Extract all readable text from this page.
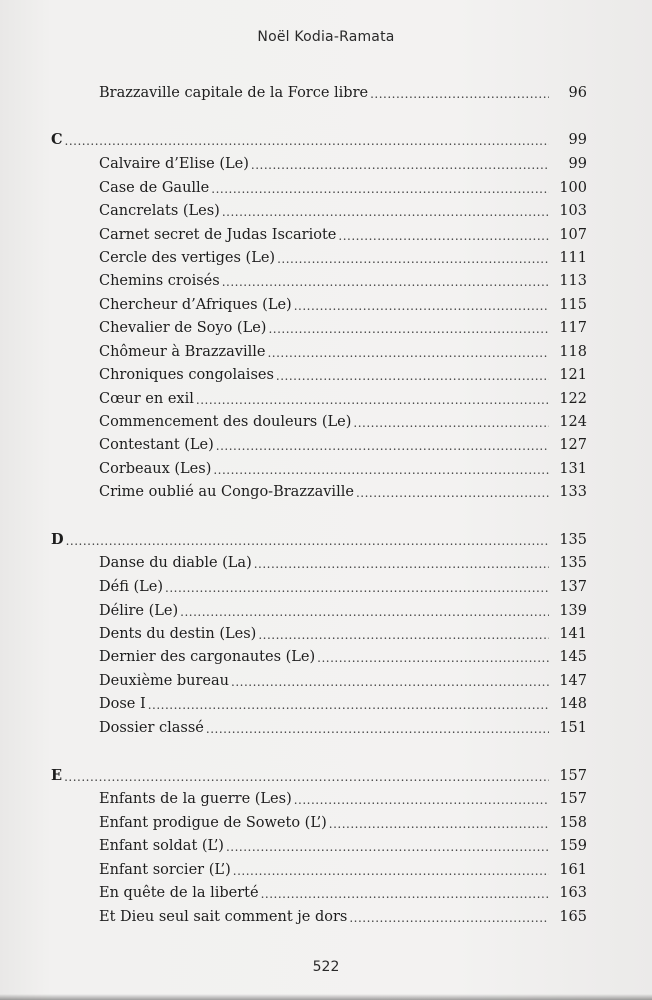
Noël Kodia-Ramata
Brazzaville capitale de la Force libre .....	96
C .....	99
Calvaire d’Elise (Le) .....	99
Case de Gaulle .....	100
Cancrelats (Les) .....	103
Carnet secret de Judas Iscariote .....	107
Cercle des vertiges (Le) .....	111
Chemins croisés .....	113
Chercheur d’Afriques (Le) .....	115
Chevalier de Soyo (Le) .....	117
Chômeur à Brazzaville .....	118
Chroniques congolaises .....	121
Cœur en exil .....	122
Commencement des douleurs (Le) .....	124
Contestant (Le) .....	127
Corbeaux (Les) .....	131
Crime oublié au Congo-Brazzaville .....	133
D .....	135
Danse du diable (La) .....	135
Défi (Le) .....	137
Délire (Le) .....	139
Dents du destin (Les) .....	141
Dernier des cargonautes (Le) .....	145
Deuxième bureau .....	147
Dose I .....	148
Dossier classé .....	151
E .....	157
Enfants de la guerre (Les) .....	157
Enfant prodigue de Soweto (L’) .....	158
Enfant soldat (L’) .....	159
Enfant sorcier (L’) .....	161
En quête de la liberté .....	163
Et Dieu seul sait comment je dors .....	165
522
